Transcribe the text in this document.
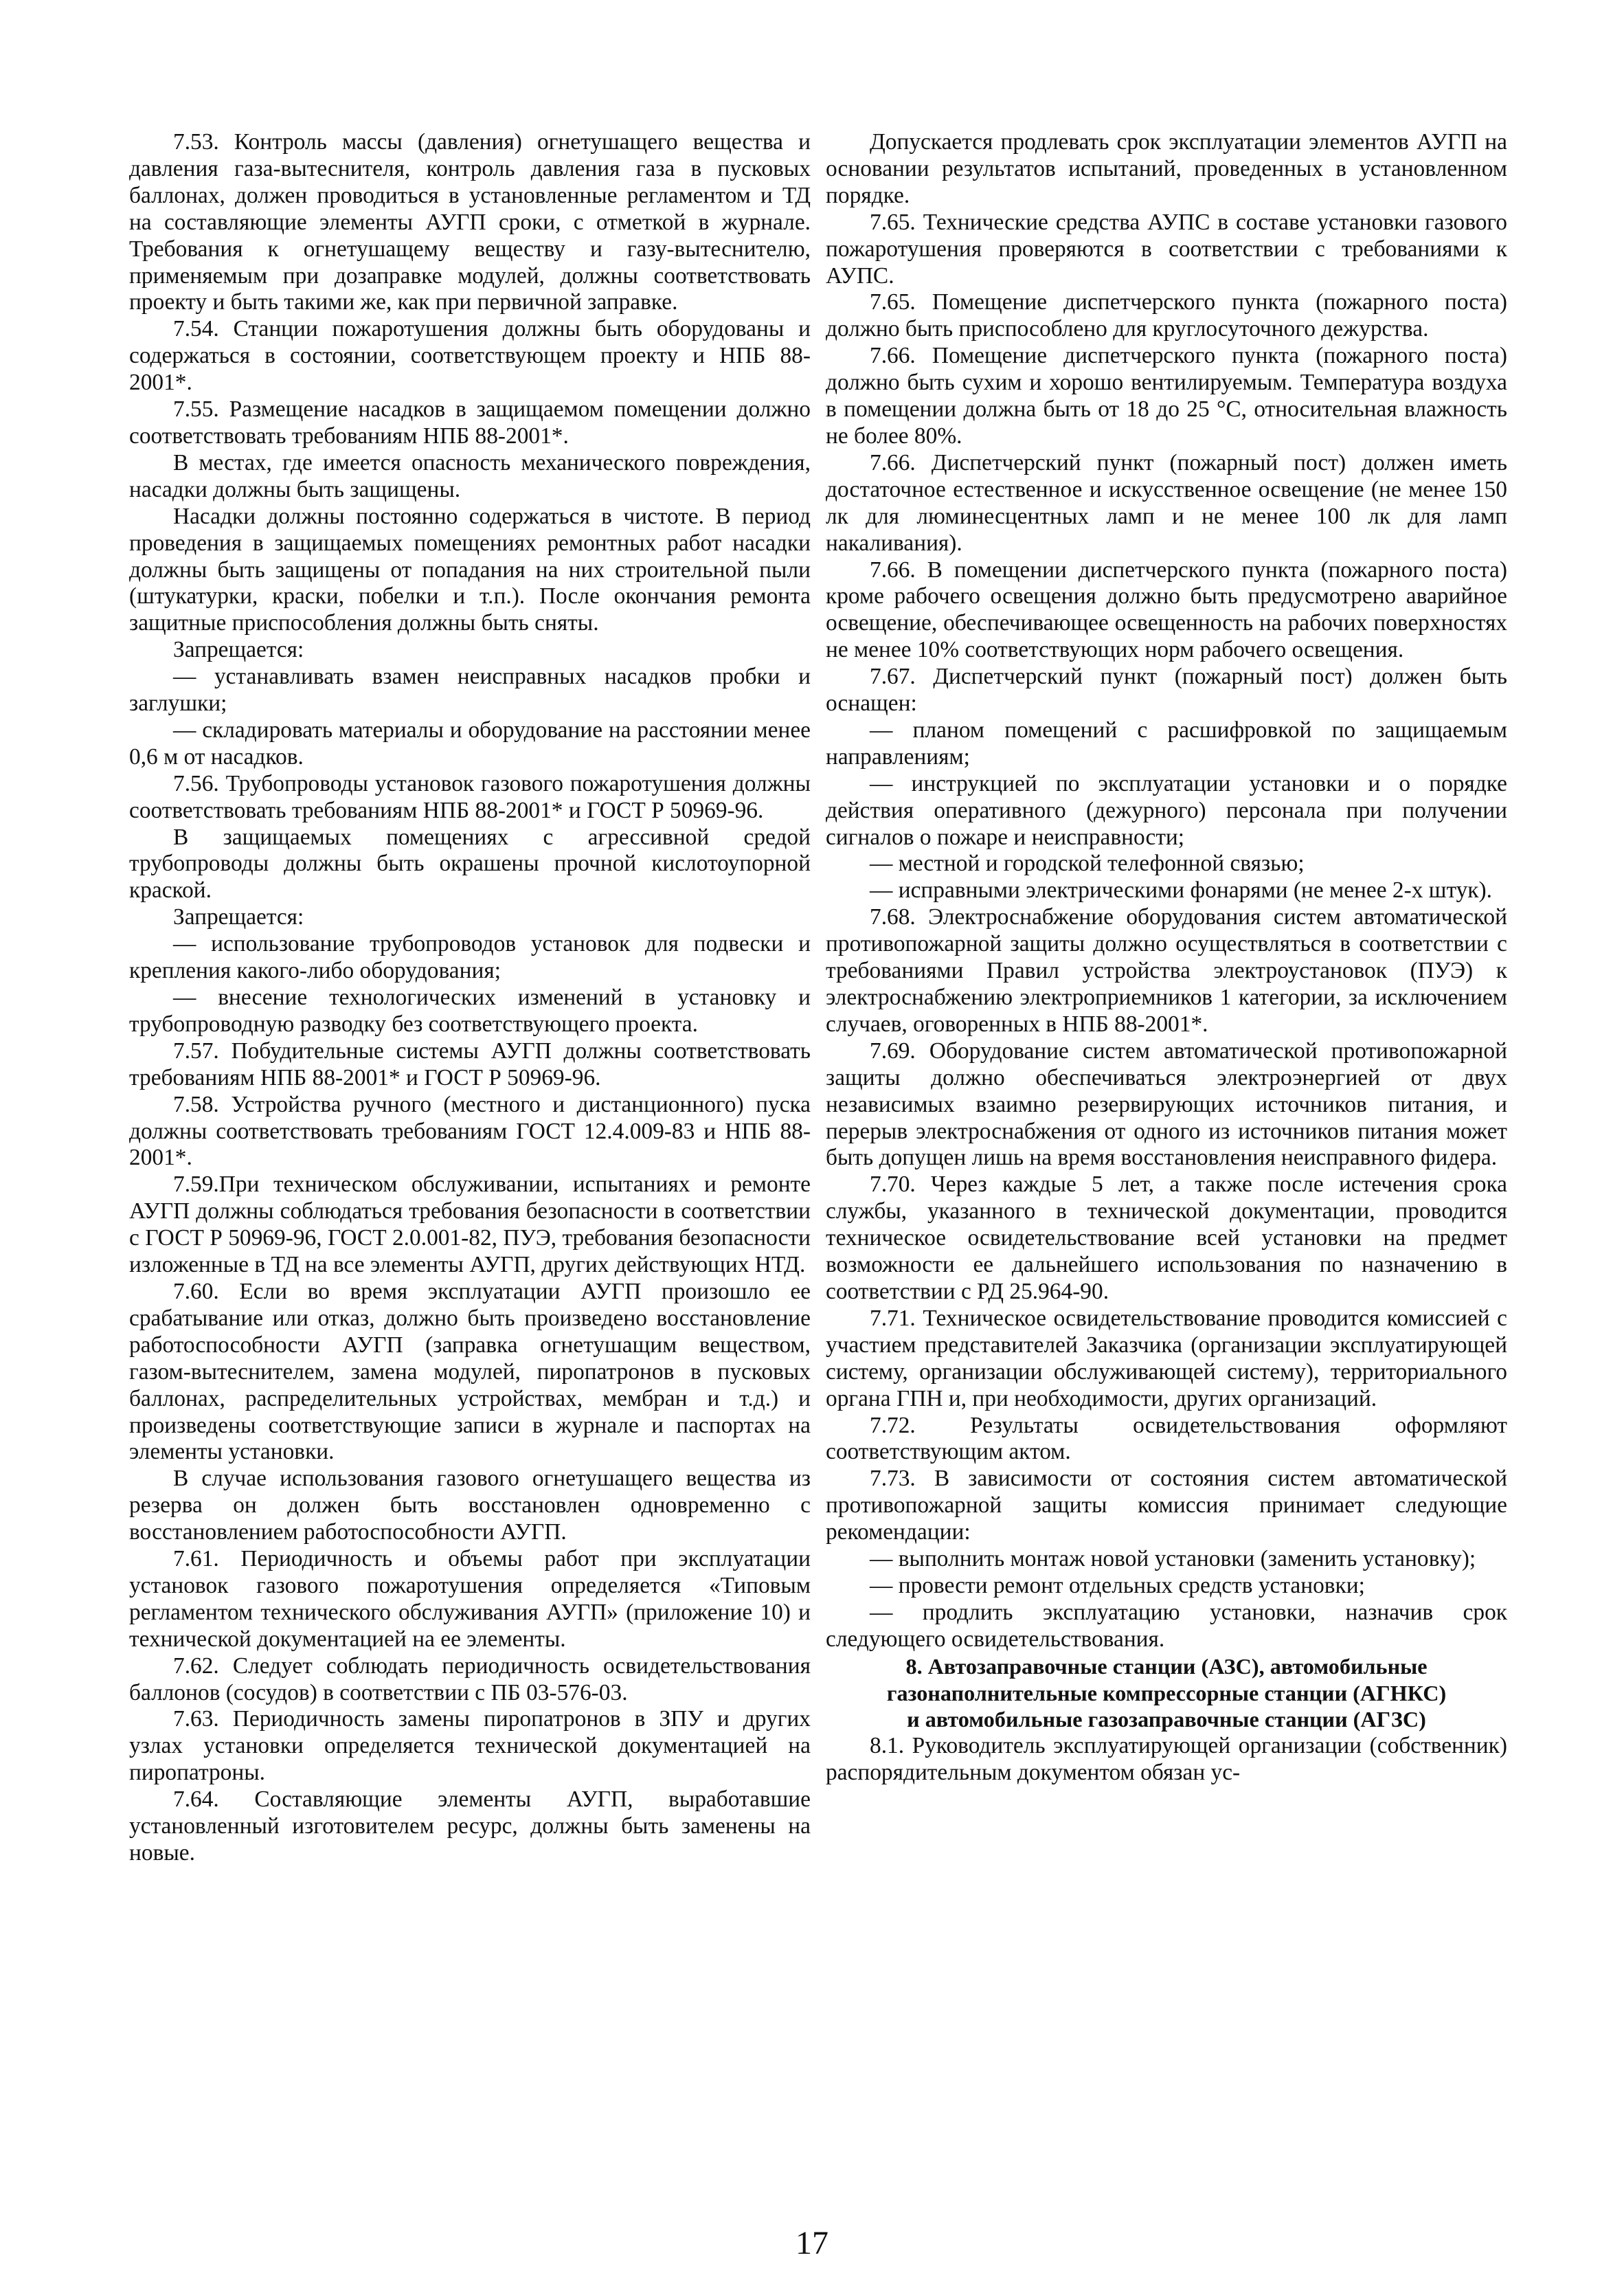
7.53. Контроль массы (давления) огнетушащего вещества и давления газа-вытеснителя, контроль давления газа в пусковых баллонах, должен проводиться в установленные регламентом и ТД на составляющие элементы АУГП сроки, с отметкой в журнале. Требования к огнетушащему веществу и газу-вытеснителю, применяемым при дозаправке модулей, должны соответствовать проекту и быть такими же, как при первичной заправке.

7.54. Станции пожаротушения должны быть оборудованы и содержаться в состоянии, соответствующем проекту и НПБ 88-2001*.

7.55. Размещение насадков в защищаемом помещении должно соответствовать требованиям НПБ 88-2001*.

В местах, где имеется опасность механического повреждения, насадки должны быть защищены.

Насадки должны постоянно содержаться в чистоте. В период проведения в защищаемых помещениях ремонтных работ насадки должны быть защищены от попадания на них строительной пыли (штукатурки, краски, побелки и т.п.). После окончания ремонта защитные приспособления должны быть сняты.

Запрещается:

— устанавливать взамен неисправных насадков пробки и заглушки;

— складировать материалы и оборудование на расстоянии менее 0,6 м от насадков.

7.56. Трубопроводы установок газового пожаротушения должны соответствовать требованиям НПБ 88-2001* и ГОСТ Р 50969-96.

В защищаемых помещениях с агрессивной средой трубопроводы должны быть окрашены прочной кислотоупорной краской.

Запрещается:

— использование трубопроводов установок для подвески и крепления какого-либо оборудования;

— внесение технологических изменений в установку и трубопроводную разводку без соответствующего проекта.

7.57. Побудительные системы АУГП должны соответствовать требованиям НПБ 88-2001* и ГОСТ Р 50969-96.

7.58. Устройства ручного (местного и дистанционного) пуска должны соответствовать требованиям ГОСТ 12.4.009-83 и НПБ 88-2001*.

7.59.При техническом обслуживании, испытаниях и ремонте АУГП должны соблюдаться требования безопасности в соответствии с ГОСТ Р 50969-96, ГОСТ 2.0.001-82, ПУЭ, требования безопасности изложенные в ТД на все элементы АУГП, других действующих НТД.

7.60. Если во время эксплуатации АУГП произошло ее срабатывание или отказ, должно быть произведено восстановление работоспособности АУГП (заправка огнетушащим веществом, газом-вытеснителем, замена модулей, пиропатронов в пусковых баллонах, распределительных устройствах, мембран и т.д.) и произведены соответствующие записи в журнале и паспортах на элементы установки.

В случае использования газового огнетушащего вещества из резерва он должен быть восстановлен одновременно с восстановлением работоспособности АУГП.

7.61. Периодичность и объемы работ при эксплуатации установок газового пожаротушения определяется «Типовым регламентом технического обслуживания АУГП» (приложение 10) и технической документацией на ее элементы.

7.62. Следует соблюдать периодичность освидетельствования баллонов (сосудов) в соответствии с ПБ 03-576-03.

7.63. Периодичность замены пиропатронов в ЗПУ и других узлах установки определяется технической документацией на пиропатроны.

7.64. Составляющие элементы АУГП, выработавшие установленный изготовителем ресурс, должны быть заменены на новые.

Допускается продлевать срок эксплуатации элементов АУГП на основании результатов испытаний, проведенных в установленном порядке.

7.65. Технические средства АУПС в составе установки газового пожаротушения проверяются в соответствии с требованиями к АУПС.

7.65. Помещение диспетчерского пункта (пожарного поста) должно быть приспособлено для круглосуточного дежурства.

7.66. Помещение диспетчерского пункта (пожарного поста) должно быть сухим и хорошо вентилируемым. Температура воздуха в помещении должна быть от 18 до 25 °С, относительная влажность не более 80%.

7.66. Диспетчерский пункт (пожарный пост) должен иметь достаточное естественное и искусственное освещение (не менее 150 лк для люминесцентных ламп и не менее 100 лк для ламп накаливания).

7.66. В помещении диспетчерского пункта (пожарного поста) кроме рабочего освещения должно быть предусмотрено аварийное освещение, обеспечивающее освещенность на рабочих поверхностях не менее 10% соответствующих норм рабочего освещения.

7.67. Диспетчерский пункт (пожарный пост) должен быть оснащен:

— планом помещений с расшифровкой по защищаемым направлениям;

— инструкцией по эксплуатации установки и о порядке действия оперативного (дежурного) персонала при получении сигналов о пожаре и неисправности;

— местной и городской телефонной связью;

— исправными электрическими фонарями (не менее 2-х штук).

7.68. Электроснабжение оборудования систем автоматической противопожарной защиты должно осуществляться в соответствии с требованиями Правил устройства электроустановок (ПУЭ) к электроснабжению электроприемников 1 категории, за исключением случаев, оговоренных в НПБ 88-2001*.

7.69. Оборудование систем автоматической противопожарной защиты должно обеспечиваться электроэнергией от двух независимых взаимно резервирующих источников питания, и перерыв электроснабжения от одного из источников питания может быть допущен лишь на время восстановления неисправного фидера.

7.70. Через каждые 5 лет, а также после истечения срока службы, указанного в технической документации, проводится техническое освидетельствование всей установки на предмет возможности ее дальнейшего использования по назначению в соответствии с РД 25.964-90.

7.71. Техническое освидетельствование проводится комиссией с участием представителей Заказчика (организации эксплуатирующей систему, организации обслуживающей систему), территориального органа ГПН и, при необходимости, других организаций.

7.72. Результаты освидетельствования оформляют соответствующим актом.

7.73. В зависимости от состояния систем автоматической противопожарной защиты комиссия принимает следующие рекомендации:

— выполнить монтаж новой установки (заменить установку);

— провести ремонт отдельных средств установки;

— продлить эксплуатацию установки, назначив срок следующего освидетельствования.

8. Автозаправочные станции (АЗС), автомобильные

газонаполнительные компрессорные станции (АГНКС)

и автомобильные газозаправочные станции (АГЗС)

8.1. Руководитель эксплуатирующей организации (собственник) распорядительным документом обязан ус-

17
